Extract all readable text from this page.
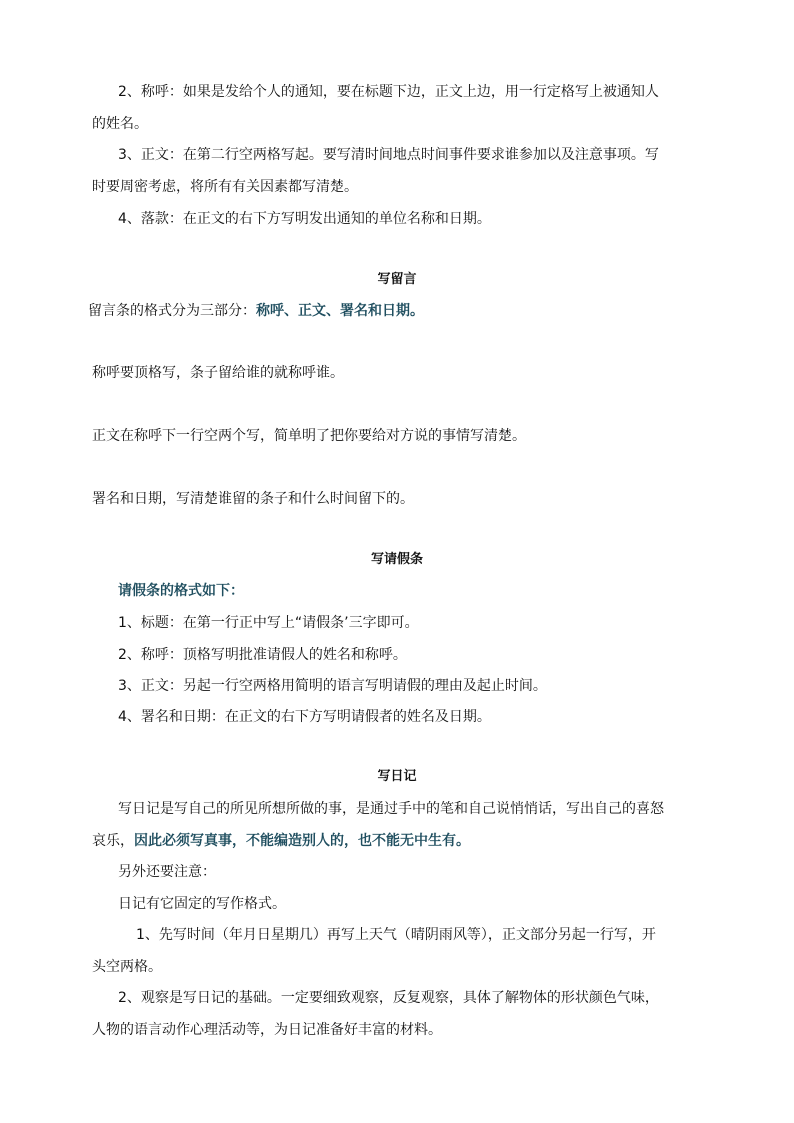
2、称呼：如果是发给个人的通知，要在标题下边，正文上边，用一行定格写上被通知人

的姓名。

3、正文：在第二行空两格写起。要写清时间地点时间事件要求谁参加以及注意事项。写

时要周密考虑，将所有有关因素都写清楚。

4、落款：在正文的右下方写明发出通知的单位名称和日期。

写留言

留言条的格式分为三部分：称呼、正文、署名和日期。

称呼要顶格写，条子留给谁的就称呼谁。

正文在称呼下一行空两个写，简单明了把你要给对方说的事情写清楚。

署名和日期，写清楚谁留的条子和什么时间留下的。

写请假条

请假条的格式如下：

1、标题：在第一行正中写上“请假条’三字即可。

2、称呼：顶格写明批准请假人的姓名和称呼。

3、正文：另起一行空两格用简明的语言写明请假的理由及起止时间。

4、署名和日期：在正文的右下方写明请假者的姓名及日期。

写日记

写日记是写自己的所见所想所做的事，是通过手中的笔和自己说悄悄话，写出自己的喜怒

哀乐，因此必须写真事，不能编造别人的，也不能无中生有。

另外还要注意：

日记有它固定的写作格式。

1、先写时间（年月日星期几）再写上天气（晴阴雨风等），正文部分另起一行写，开

头空两格。

2、观察是写日记的基础。一定要细致观察，反复观察，具体了解物体的形状颜色气味，

人物的语言动作心理活动等，为日记准备好丰富的材料。
